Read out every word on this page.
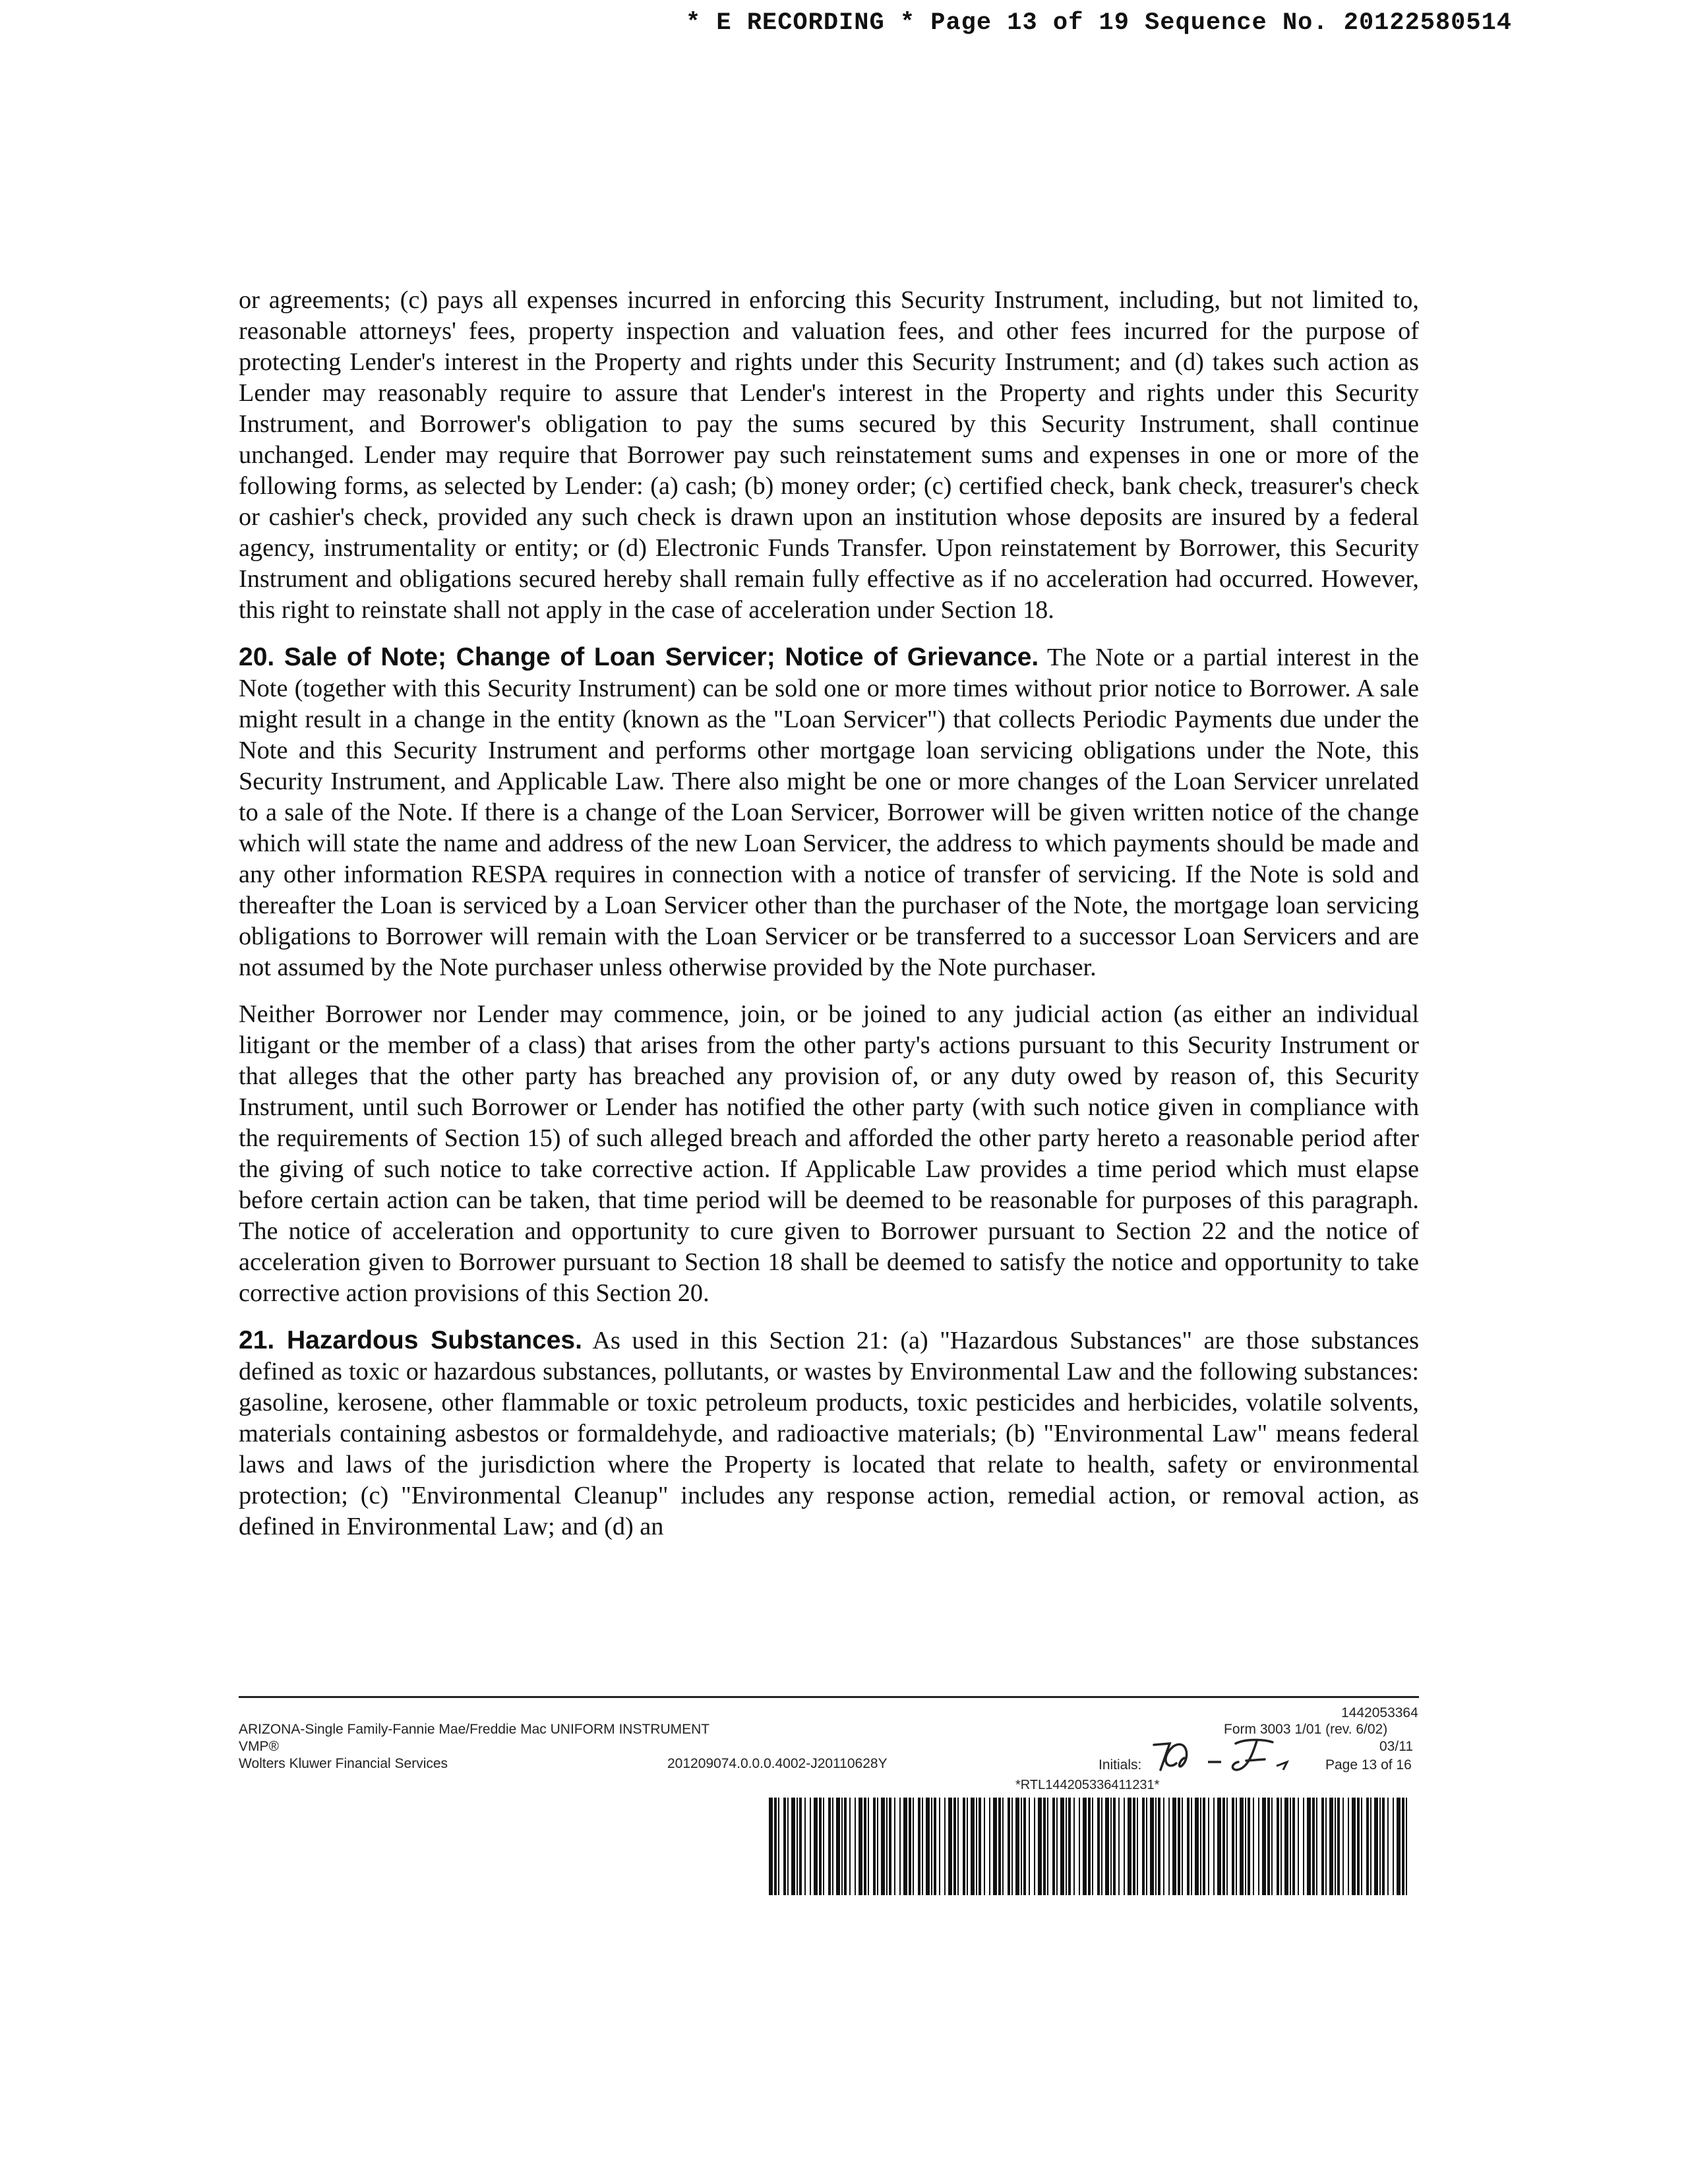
* E RECORDING * Page 13 of 19 Sequence No. 20122580514

or agreements; (c) pays all expenses incurred in enforcing this Security Instrument, including, but not limited to, reasonable attorneys' fees, property inspection and valuation fees, and other fees incurred for the purpose of protecting Lender's interest in the Property and rights under this Security Instrument; and (d) takes such action as Lender may reasonably require to assure that Lender's interest in the Property and rights under this Security Instrument, and Borrower's obligation to pay the sums secured by this Security Instrument, shall continue unchanged. Lender may require that Borrower pay such reinstatement sums and expenses in one or more of the following forms, as selected by Lender: (a) cash; (b) money order; (c) certified check, bank check, treasurer's check or cashier's check, provided any such check is drawn upon an institution whose deposits are insured by a federal agency, instrumentality or entity; or (d) Electronic Funds Transfer. Upon reinstatement by Borrower, this Security Instrument and obligations secured hereby shall remain fully effective as if no acceleration had occurred. However, this right to reinstate shall not apply in the case of acceleration under Section 18.

20. Sale of Note; Change of Loan Servicer; Notice of Grievance. The Note or a partial interest in the Note (together with this Security Instrument) can be sold one or more times without prior notice to Borrower. A sale might result in a change in the entity (known as the "Loan Servicer") that collects Periodic Payments due under the Note and this Security Instrument and performs other mortgage loan servicing obligations under the Note, this Security Instrument, and Applicable Law. There also might be one or more changes of the Loan Servicer unrelated to a sale of the Note. If there is a change of the Loan Servicer, Borrower will be given written notice of the change which will state the name and address of the new Loan Servicer, the address to which payments should be made and any other information RESPA requires in connection with a notice of transfer of servicing. If the Note is sold and thereafter the Loan is serviced by a Loan Servicer other than the purchaser of the Note, the mortgage loan servicing obligations to Borrower will remain with the Loan Servicer or be transferred to a successor Loan Servicers and are not assumed by the Note purchaser unless otherwise provided by the Note purchaser.

Neither Borrower nor Lender may commence, join, or be joined to any judicial action (as either an individual litigant or the member of a class) that arises from the other party's actions pursuant to this Security Instrument or that alleges that the other party has breached any provision of, or any duty owed by reason of, this Security Instrument, until such Borrower or Lender has notified the other party (with such notice given in compliance with the requirements of Section 15) of such alleged breach and afforded the other party hereto a reasonable period after the giving of such notice to take corrective action. If Applicable Law provides a time period which must elapse before certain action can be taken, that time period will be deemed to be reasonable for purposes of this paragraph. The notice of acceleration and opportunity to cure given to Borrower pursuant to Section 22 and the notice of acceleration given to Borrower pursuant to Section 18 shall be deemed to satisfy the notice and opportunity to take corrective action provisions of this Section 20.

21. Hazardous Substances. As used in this Section 21: (a) "Hazardous Substances" are those substances defined as toxic or hazardous substances, pollutants, or wastes by Environmental Law and the following substances: gasoline, kerosene, other flammable or toxic petroleum products, toxic pesticides and herbicides, volatile solvents, materials containing asbestos or formaldehyde, and radioactive materials; (b) "Environmental Law" means federal laws and laws of the jurisdiction where the Property is located that relate to health, safety or environmental protection; (c) "Environmental Cleanup" includes any response action, remedial action, or removal action, as defined in Environmental Law; and (d) an

1442053364
ARIZONA-Single Family-Fannie Mae/Freddie Mac UNIFORM INSTRUMENT
VMP®
Wolters Kluwer Financial Services	201209074.0.0.0.4002-J20110628Y
Form 3003 1/01 (rev. 6/02)
03/11
Initials:	Page 13 of 16
*RTL144205336411231*
